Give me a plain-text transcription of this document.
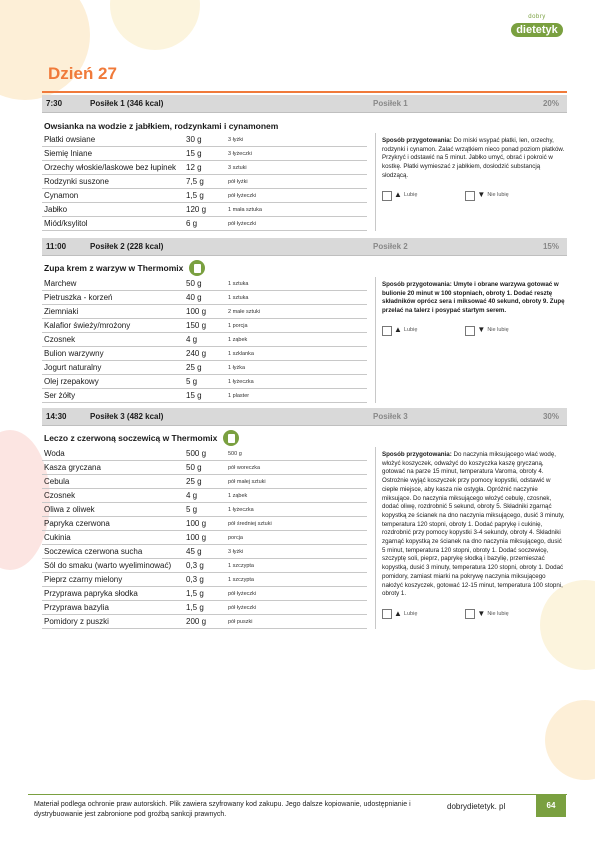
dobry
dietetyk
Dzień 27
7:30	Posiłek 1 (346 kcal)	Posiłek 1	20%
Owsianka na wodzie z jabłkiem, rodzynkami i cynamonem
Płatki owsiane	30 g	3 łyżki
Siemię lniane	15 g	3 łyżeczki
Orzechy włoskie/laskowe bez łupinek	12 g	3 sztuki
Rodzynki suszone	7,5 g	pół łyżki
Cynamon	1,5 g	pół łyżeczki
Jabłko	120 g	1 mała sztuka
Miód/ksylitol	6 g	pół łyżeczki
Sposób przygotowania: Do miski wsypać płatki, len, orzechy, rodzynki i cynamon. Zalać wrzątkiem nieco ponad poziom płatków. Przykryć i odstawić na 5 minut. Jabłko umyć, obrać i pokroić w kostkę. Płatki wymieszać z jabłkiem, dosłodzić substancją słodzącą.
▲ Lubię	▼ Nie lubię
11:00	Posiłek 2 (228 kcal)	Posiłek 2	15%
Zupa krem z warzyw w Thermomix
Marchew	50 g	1 sztuka
Pietruszka - korzeń	40 g	1 sztuka
Ziemniaki	100 g	2 małe sztuki
Kalafior świeży/mrożony	150 g	1 porcja
Czosnek	4 g	1 ząbek
Bulion warzywny	240 g	1 szklanka
Jogurt naturalny	25 g	1 łyżka
Olej rzepakowy	5 g	1 łyżeczka
Ser żółty	15 g	1 plaster
Sposób przygotowania: Umyte i obrane warzywa gotować w bulionie 20 minut w 100 stopniach, obroty 1. Dodać resztę składników oprócz sera i miksować 40 sekund, obroty 9. Zupę przelać na talerz i posypać startym serem.
▲ Lubię	▼ Nie lubię
14:30	Posiłek 3 (482 kcal)	Posiłek 3	30%
Leczo z czerwoną soczewicą w Thermomix
Woda	500 g	500 g
Kasza gryczana	50 g	pół woreczka
Cebula	25 g	pół małej sztuki
Czosnek	4 g	1 ząbek
Oliwa z oliwek	5 g	1 łyżeczka
Papryka czerwona	100 g	pół średniej sztuki
Cukinia	100 g	porcja
Soczewica czerwona sucha	45 g	3 łyżki
Sól do smaku (warto wyeliminować)	0,3 g	1 szczypta
Pieprz czarny mielony	0,3 g	1 szczypta
Przyprawa papryka słodka	1,5 g	pół łyżeczki
Przyprawa bazylia	1,5 g	pół łyżeczki
Pomidory z puszki	200 g	pół puszki
Sposób przygotowania: Do naczynia miksującego wlać wodę, włożyć koszyczek, odważyć do koszyczka kaszę gryczaną, gotować na parze 15 minut, temperatura Varoma, obroty 4. Ostrożnie wyjąć koszyczek przy pomocy kopystki, odstawić w ciepłe miejsce, aby kasza nie ostygła. Opróżnić naczynie miksujące. Do naczynia miksującego włożyć cebulę, czosnek, dodać oliwę, rozdrobnić 5 sekund, obroty 5. Składniki zgarnąć kopystką ze ścianek na dno naczynia miksującego, dusić 3 minuty, temperatura 120 stopni, obroty 1. Dodać paprykę i cukinię, rozdrobnić przy pomocy kopystki 3-4 sekundy, obroty 4. Składniki zgarnąć kopystką ze ścianek na dno naczynia miksującego, dusić 5 minut, temperatura 120 stopni, obroty 1. Dodać soczewicę, szczyptę soli, pieprz, paprykę słodką i bazylię, przemieszać kopystką, dusić 3 minuty, temperatura 120 stopni, obroty 1. Dodać pomidory, zamiast miarki na pokrywę naczynia miksującego nałożyć koszyczek, gotować 12-15 minut, temperatura 100 stopni, obroty 1.
▲ Lubię	▼ Nie lubię
Materiał podlega ochronie praw autorskich. Plik zawiera szyfrowany kod zakupu. Jego dalsze kopiowanie, udostępnianie i dystrybuowanie jest zabronione pod groźbą sankcji prawnych.
dobrydietetyk. pl	64
